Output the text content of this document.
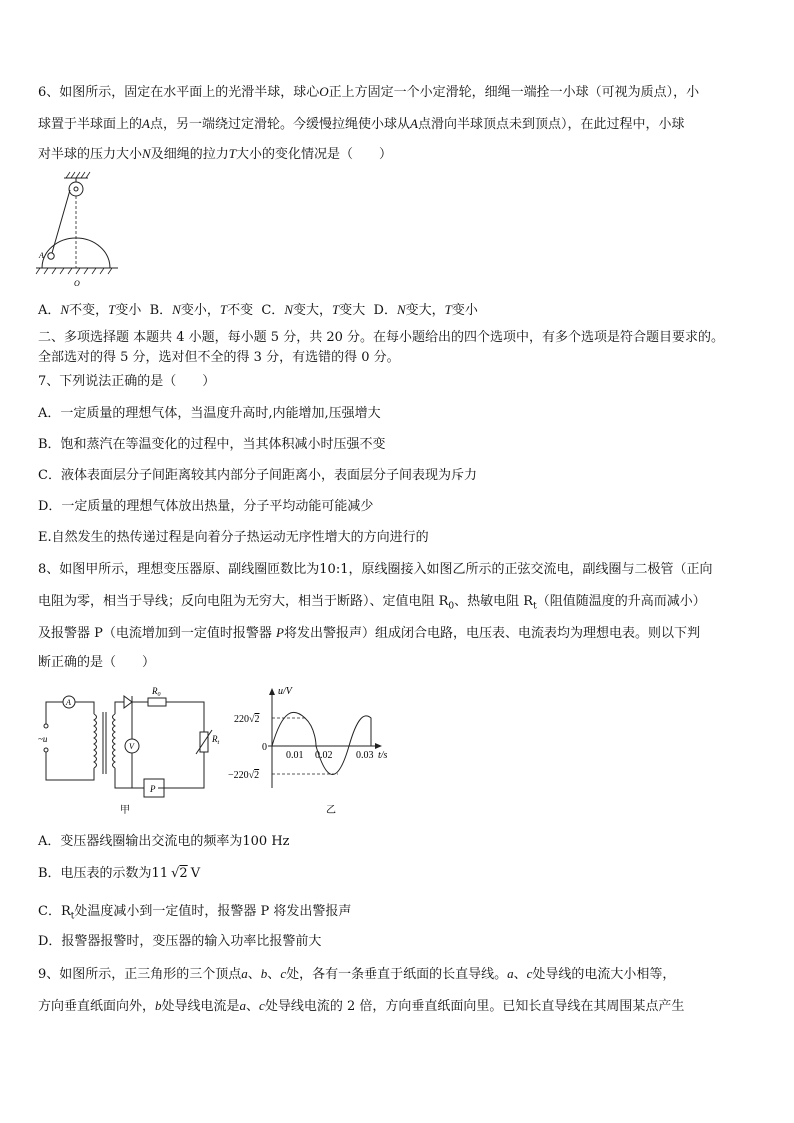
6、如图所示，固定在水平面上的光滑半球，球心O正上方固定一个小定滑轮，细绳一端拴一小球（可视为质点），小
球置于半球面上的A点，另一端绕过定滑轮。今缓慢拉绳使小球从A点滑向半球顶点未到顶点），在此过程中，小球
对半球的压力大小N及细绳的拉力T大小的变化情况是（　　）
A
O
A．N不变，T变小 B．N变小，T不变 C．N变大，T变大 D．N变大，T变小
二、多项选择题 本题共 4 小题，每小题 5 分，共 20 分。在每小题给出的四个选项中，有多个选项是符合题目要求的。
全部选对的得 5 分，选对但不全的得 3 分，有选错的得 0 分。
7、下列说法正确的是（　　）
A．一定质量的理想气体，当温度升高时,内能增加,压强增大
B．饱和蒸汽在等温变化的过程中，当其体积减小时压强不变
C．液体表面层分子间距离较其内部分子间距离小，表面层分子间表现为斥力
D．一定质量的理想气体放出热量，分子平均动能可能减少
E.自然发生的热传递过程是向着分子热运动无序性增大的方向进行的
8、如图甲所示，理想变压器原、副线圈匝数比为10:1，原线圈接入如图乙所示的正弦交流电，副线圈与二极管（正向
电阻为零，相当于导线；反向电阻为无穷大，相当于断路）、定值电阻 $R_0$、热敏电阻 $R_t$（阻值随温度的升高而减小）
及报警器 P（电流增加到一定值时报警器 P将发出警报声）组成闭合电路，电压表、电流表均为理想电表。则以下判
断正确的是（　　）
A
V
~u
$R_0$
$R_t$
P
甲
220√2
−220√2
0
0.01 0.02 0.03 t/s
u/V
乙
A．变压器线圈输出交流电的频率为100 Hz
B．电压表的示数为11 √2 V
C．$R_t$处温度减小到一定值时，报警器 P 将发出警报声
D．报警器报警时，变压器的输入功率比报警前大
9、如图所示，正三角形的三个顶点a、b、c处，各有一条垂直于纸面的长直导线。a、c处导线的电流大小相等，
方向垂直纸面向外，b处导线电流是a、c处导线电流的 2 倍，方向垂直纸面向里。已知长直导线在其周围某点产生
